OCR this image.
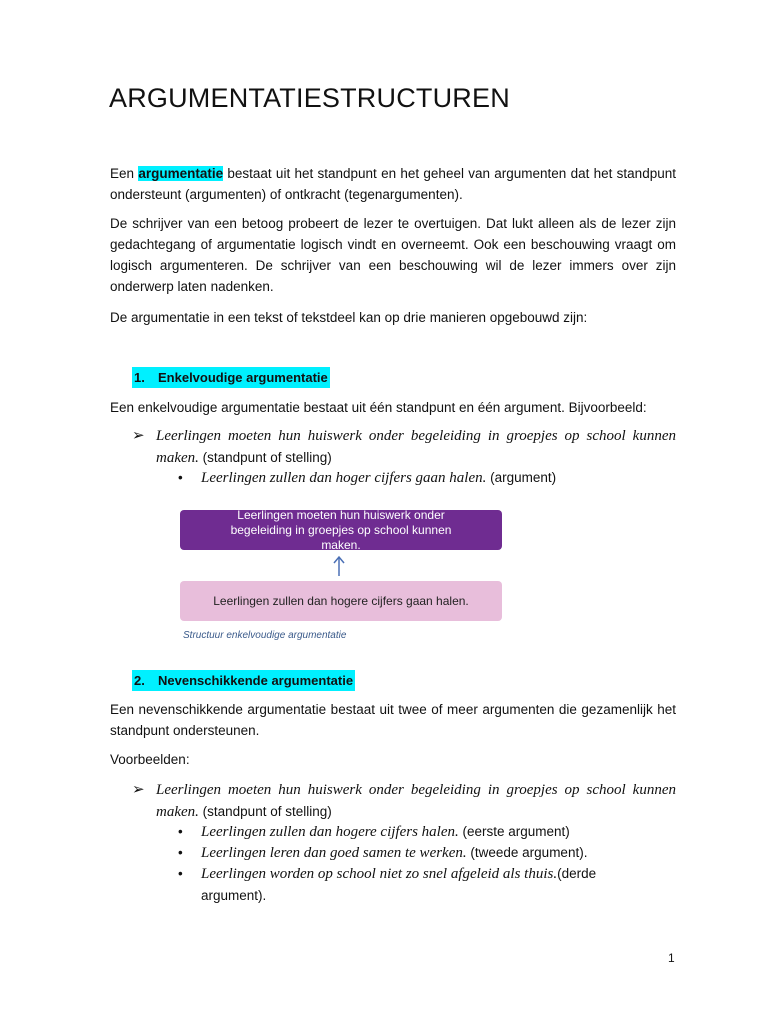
ARGUMENTATIESTRUCTUREN

Een argumentatie bestaat uit het standpunt en het geheel van argumenten dat het standpunt ondersteunt (argumenten) of ontkracht (tegenargumenten).

De schrijver van een betoog probeert de lezer te overtuigen. Dat lukt alleen als de lezer zijn gedachtegang of argumentatie logisch vindt en overneemt. Ook een beschouwing vraagt om logisch argumenteren. De schrijver van een beschouwing wil de lezer immers over zijn onderwerp laten nadenken.

De argumentatie in een tekst of tekstdeel kan op drie manieren opgebouwd zijn:

1. Enkelvoudige argumentatie

Een enkelvoudige argumentatie bestaat uit één standpunt en één argument. Bijvoorbeeld:

➢ Leerlingen moeten hun huiswerk onder begeleiding in groepjes op school kunnen maken. (standpunt of stelling)
•	Leerlingen zullen dan hoger cijfers gaan halen. (argument)
Leerlingen moeten hun huiswerk onder begeleiding in groepjes op school kunnen maken.
Leerlingen zullen dan hogere cijfers gaan halen.
Structuur enkelvoudige argumentatie

2. Nevenschikkende argumentatie

Een nevenschikkende argumentatie bestaat uit twee of meer argumenten die gezamenlijk het standpunt ondersteunen.

Voorbeelden:

➢ Leerlingen moeten hun huiswerk onder begeleiding in groepjes op school kunnen maken. (standpunt of stelling)
•	Leerlingen zullen dan hogere cijfers halen. (eerste argument)
•	Leerlingen leren dan goed samen te werken. (tweede argument).
•	Leerlingen worden op school niet zo snel afgeleid als thuis.(derde argument).
1
